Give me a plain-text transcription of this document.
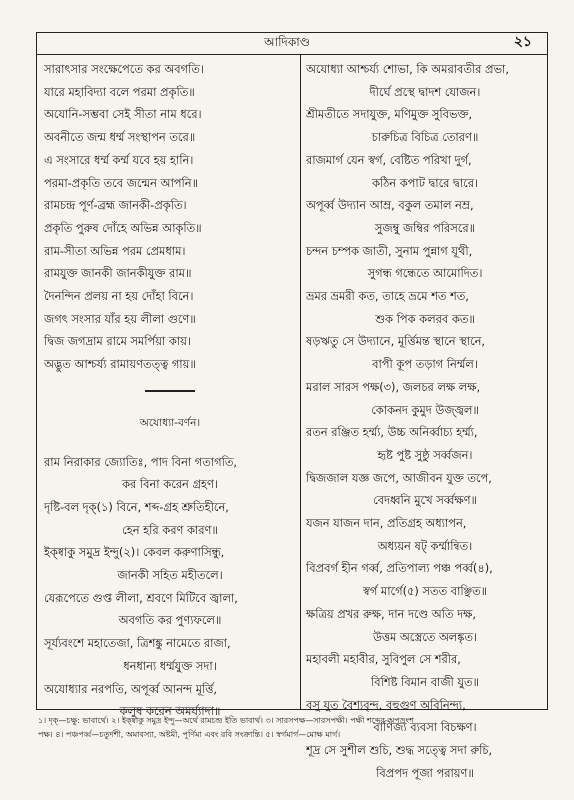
আদিকাণ্ড	২১
সারাৎসার সংক্ষেপেতে কর অবগতি।
যারে মহাবিদ্যা বলে পরমা প্রকৃতি॥
অযোনি-সম্ভবা সেই সীতা নাম ধরে।
অবনীতে জন্ম ধর্ম্ম সংস্থাপন তরে॥
এ সংসারে ধর্ম্ম কর্ম্ম যবে হয় হানি।
পরমা-প্রকৃতি তবে জন্মেন আপনি॥
রামচন্দ্র পূর্ণ-ব্রহ্ম জানকী-প্রকৃতি।
প্রকৃতি পুরুষ দোঁহে অভিন্ন আকৃতি॥
রাম-সীতা অভিন্ন পরম প্রেমধাম।
রামযুক্ত জানকী জানকীযুক্ত রাম॥
দৈনন্দিন প্রলয় না হয় দোঁহা বিনে।
জগৎ সংসার যাঁর হয় লীলা গুণে॥
দ্বিজ জগদ্রাম রামে সমর্পিয়া কায়।
অদ্ভুত আশ্চর্য্য রামায়ণতত্ত্ব গায়॥
অযোধ্যা-বর্ণন।
রাম নিরাকার জ্যোতিঃ, পাদ বিনা গতাগতি,
কর বিনা করেন গ্রহণ।
দৃষ্টি-বল দৃক্(১) বিনে, শব্দ-গ্রহ শ্রুতিহীনে,
হেন হরি করণ কারণ॥
ইক্ষ্বাকু সমুদ্র ইন্দু(২)। কেবল করুণাসিন্ধু,
জানকী সহিত মহীতলে।
যেরূপেতে গুপ্ত লীলা, শ্রবণে মিটিবে জ্বালা,
অবগতি কর পুণ্যফলে॥
সূর্য্যবংশে মহাতেজা, ত্রিশঙ্কু নামেতে রাজা,
ধনধান্য ধর্ম্মযুক্ত সদা।
অযোধ্যার নরপতি, অপূর্ব্ব আনন্দ মূর্ত্তি,
কলুষ করেন অমর্য্যাদা॥
অযোধ্যা আশ্চর্য্য শোভা, কি অমরাবতীর প্রভা,
দীর্ঘে প্রস্থে দ্বাদশ যোজন।
শ্রীমতীতে সদাযুক্ত, মণিমুক্ত সুবিভক্ত,
চারুচিত্র বিচিত্র তোরণ॥
রাজমার্গ যেন স্বর্গ, বেষ্টিত পরিখা দুর্গ,
কঠিন কপাট দ্বারে দ্বারে।
অপূর্ব্ব উদ্যান আম্র, বকুল তমাল নম্র,
সুজম্বু জম্বির পরিসরে॥
চন্দন চম্পক জাতী, সুনাম পুন্নাগ যূথী,
সুগন্ধ গন্ধেতে আমোদিত।
ভ্রমর ভ্রমরী কত, তাহে ভ্রমে শত শত,
শুক পিক কলরব কত॥
ষড়ঋতু সে উদ্যানে, মূর্ত্তিমন্ত স্থানে স্থানে,
বাপী কূপ তড়াগ নির্ম্মল।
মরাল সারস পক্ষ(৩), জলচর লক্ষ লক্ষ,
কোকনদ কুমুদ উজ্জ্বল॥
রতন রঞ্জিত হর্ম্ম্য, উচ্চ অনির্ব্বাচ্য হর্ম্ম্য,
হৃষ্ট পুষ্ট সুষ্ঠু সর্ব্বজন।
দ্বিজজাল যজ্ঞ জপে, আজীবন যুক্ত তপে,
বেদধ্বনি মুখে সর্ব্বক্ষণ॥
যজন যাজন দান, প্রতিগ্রহ অধ্যাপন,
অধ্যয়ন ষট্ কর্ম্মান্বিত।
বিপ্রবর্গ হীন গর্ব্ব, প্রতিপাল্য পঞ্চ পর্ব্ব(৪),
স্বর্গ মার্গে(৫) সতত বাঞ্ছিত॥
ক্ষত্রিয় প্রখর রুক্ষ, দান দণ্ডে অতি দক্ষ,
উত্তম অস্ত্রেতে অলঙ্কৃত।
মহাবলী মহাবীর, সুবিপুল সে শরীর,
বিশিষ্ট বিমান বাজী যুত॥
বসু যুত বৈশ্যবৃন্দ, বহুগুণ অবিনিন্দ্য,
বাণিজ্য ব্যবসা বিচক্ষণ।
শূদ্র সে সুশীল শুচি, শুদ্ধ সত্ত্বে সদা রুচি,
বিপ্রপদ পূজা পরায়ণ॥
১। দৃক্—চক্ষু: ভাবার্থে। ২। ইক্ষ্বাকু সমুদ্র ইন্দু—অর্থে রামচন্দ্র ইতি ভাবার্থ। ৩। সারসপক্ষ—সারসপক্ষী। পক্ষী শব্দের অপভ্রংশ
পক্ষ। ৪। পঞ্চপর্ব্ব—চতুর্দশী, অমাবস্যা, অষ্টমী, পূর্ণিমা এবং রবি সংক্রান্তি। ৫। স্বর্গমার্গ—মোক্ষ মার্গ।
